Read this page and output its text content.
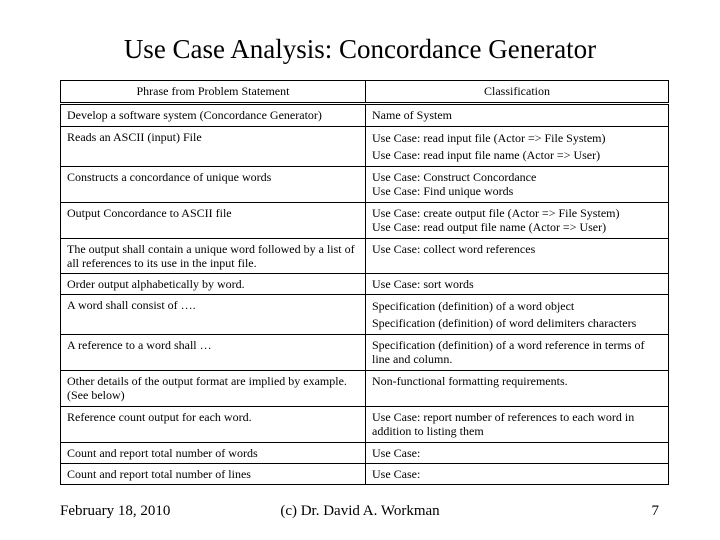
Use Case Analysis: Concordance Generator
Phrase from Problem Statement	Classification
Develop a software system (Concordance Generator)	Name of System

Reads an ASCII (input) File	Use Case: read input file (Actor => File System)
Use Case: read input file name (Actor => User)

Constructs a concordance of unique words	Use Case: Construct Concordance
Use Case: Find unique words

Output Concordance to ASCII file	Use Case: create output file (Actor => File System)
Use Case: read output file name (Actor => User)

The output shall contain a unique word followed by a list of all references to its use in the input file.	Use Case: collect word references

Order output alphabetically by word.	Use Case: sort words

A word shall consist of ….	Specification (definition) of a word object
Specification (definition) of word delimiters characters

A reference to a word shall …	Specification (definition) of a word reference in terms of line and column.

Other details of the output format are implied by example. (See below)	Non-functional formatting requirements.

Reference count output for each word.	Use Case: report number of references to each word in addition to listing them

Count and report total number of words	Use Case:

Count and report total number of lines	Use Case:
(c) Dr. David A. Workman
February 18, 2010	7
